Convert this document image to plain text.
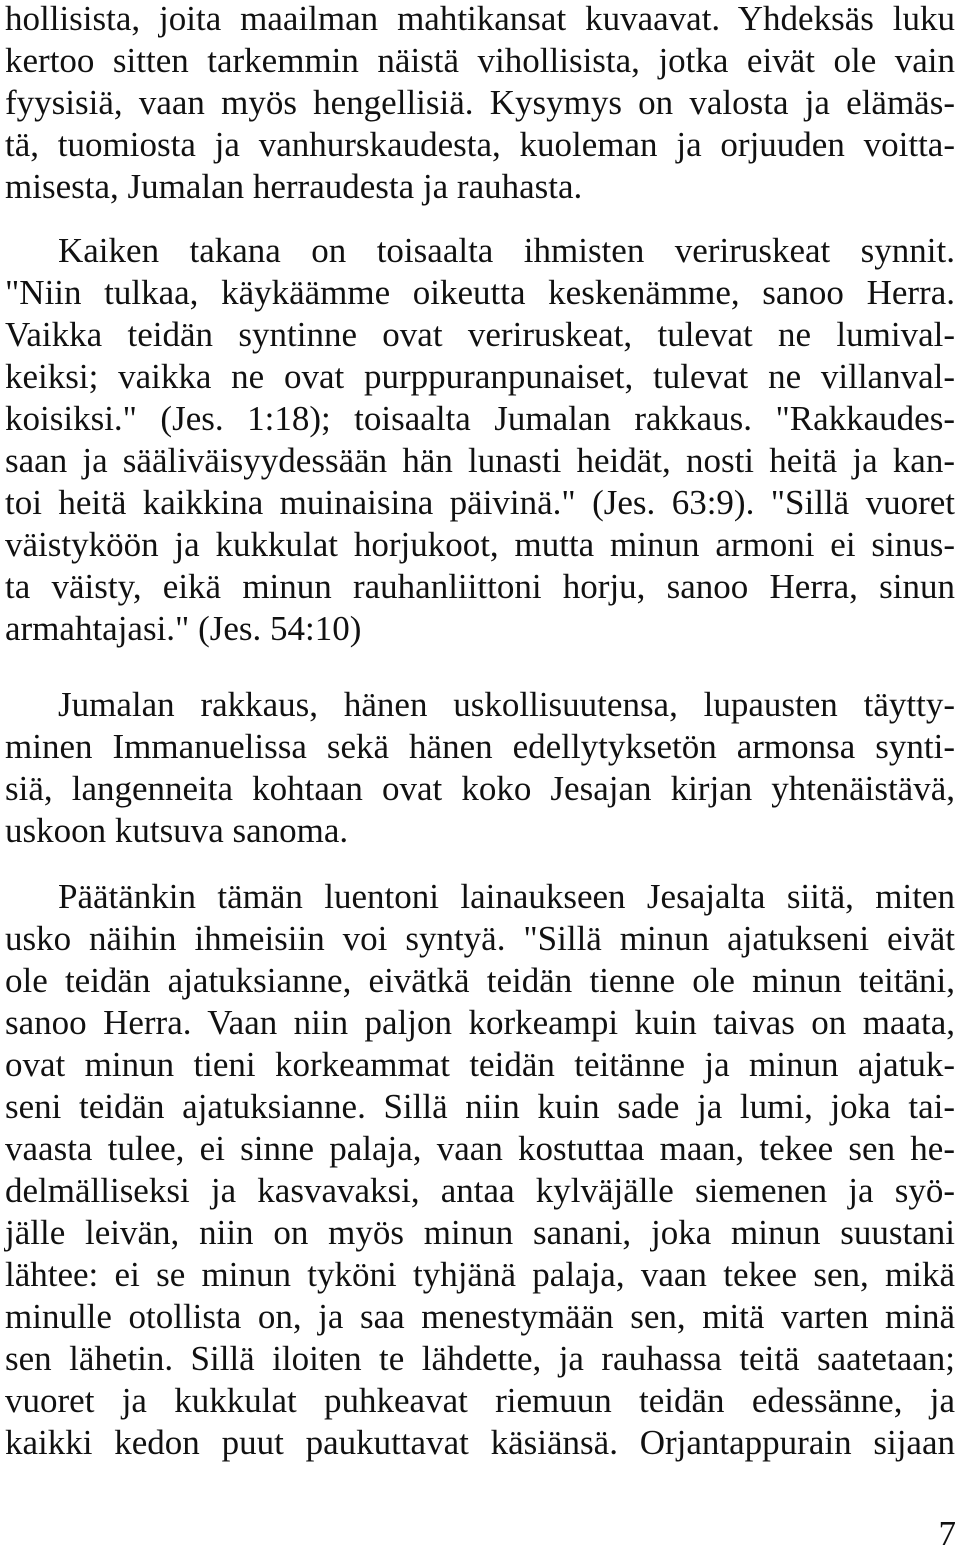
hollisista, joita maailman mahtikansat kuvaavat. Yhdeksäs luku
kertoo sitten tarkemmin näistä vihollisista, jotka eivät ole vain
fyysisiä, vaan myös hengellisiä. Kysymys on valosta ja elämäs-
tä, tuomiosta ja vanhurskaudesta, kuoleman ja orjuuden voitta-
misesta, Jumalan herraudesta ja rauhasta.
Kaiken takana on toisaalta ihmisten veriruskeat synnit.
"Niin tulkaa, käykäämme oikeutta keskenämme, sanoo Herra.
Vaikka teidän syntinne ovat veriruskeat, tulevat ne lumival-
keiksi; vaikka ne ovat purppuranpunaiset, tulevat ne villanval-
koisiksi." (Jes. 1:18); toisaalta Jumalan rakkaus. "Rakkaudes-
saan ja sääliväisyydessään hän lunasti heidät, nosti heitä ja kan-
toi heitä kaikkina muinaisina päivinä." (Jes. 63:9). "Sillä vuoret
väistyköön ja kukkulat horjukoot, mutta minun armoni ei sinus-
ta väisty, eikä minun rauhanliittoni horju, sanoo Herra, sinun
armahtajasi." (Jes. 54:10)
Jumalan rakkaus, hänen uskollisuutensa, lupausten täytty-
minen Immanuelissa sekä hänen edellytyksetön armonsa synti-
siä, langenneita kohtaan ovat koko Jesajan kirjan yhtenäistävä,
uskoon kutsuva sanoma.
Päätänkin tämän luentoni lainaukseen Jesajalta siitä, miten
usko näihin ihmeisiin voi syntyä. "Sillä minun ajatukseni eivät
ole teidän ajatuksianne, eivätkä teidän tienne ole minun teitäni,
sanoo Herra. Vaan niin paljon korkeampi kuin taivas on maata,
ovat minun tieni korkeammat teidän teitänne ja minun ajatuk-
seni teidän ajatuksianne. Sillä niin kuin sade ja lumi, joka tai-
vaasta tulee, ei sinne palaja, vaan kostuttaa maan, tekee sen he-
delmälliseksi ja kasvavaksi, antaa kylväjälle siemenen ja syö-
jälle leivän, niin on myös minun sanani, joka minun suustani
lähtee: ei se minun tyköni tyhjänä palaja, vaan tekee sen, mikä
minulle otollista on, ja saa menestymään sen, mitä varten minä
sen lähetin. Sillä iloiten te lähdette, ja rauhassa teitä saatetaan;
vuoret ja kukkulat puhkeavat riemuun teidän edessänne, ja
kaikki kedon puut paukuttavat käsiänsä. Orjantappurain sijaan
7
